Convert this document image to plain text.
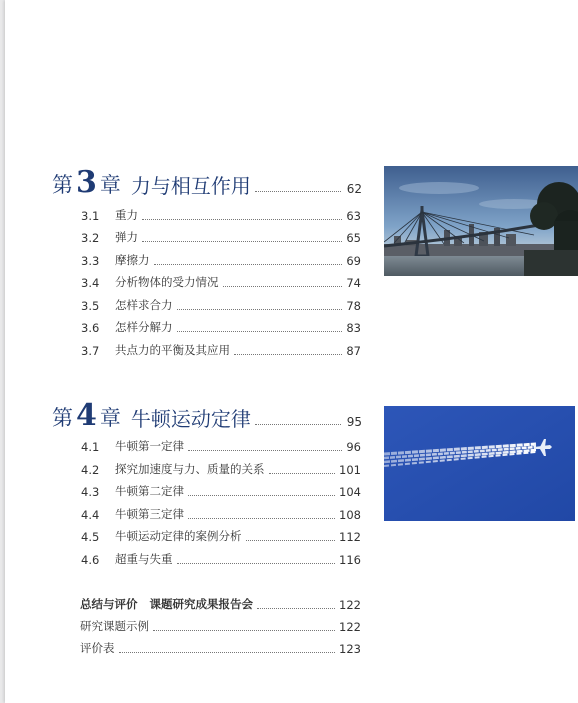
第 3 章 力与相互作用	62
3.1	重力	63
3.2	弹力	65
3.3	摩擦力	69
3.4	分析物体的受力情况	74
3.5	怎样求合力	78
3.6	怎样分解力	83
3.7	共点力的平衡及其应用	87
第 4 章 牛顿运动定律	95
4.1	牛顿第一定律	96
4.2	探究加速度与力、质量的关系	101
4.3	牛顿第二定律	104
4.4	牛顿第三定律	108
4.5	牛顿运动定律的案例分析	112
4.6	超重与失重	116
总结与评价 课题研究成果报告会	122
研究课题示例	122
评价表	123
